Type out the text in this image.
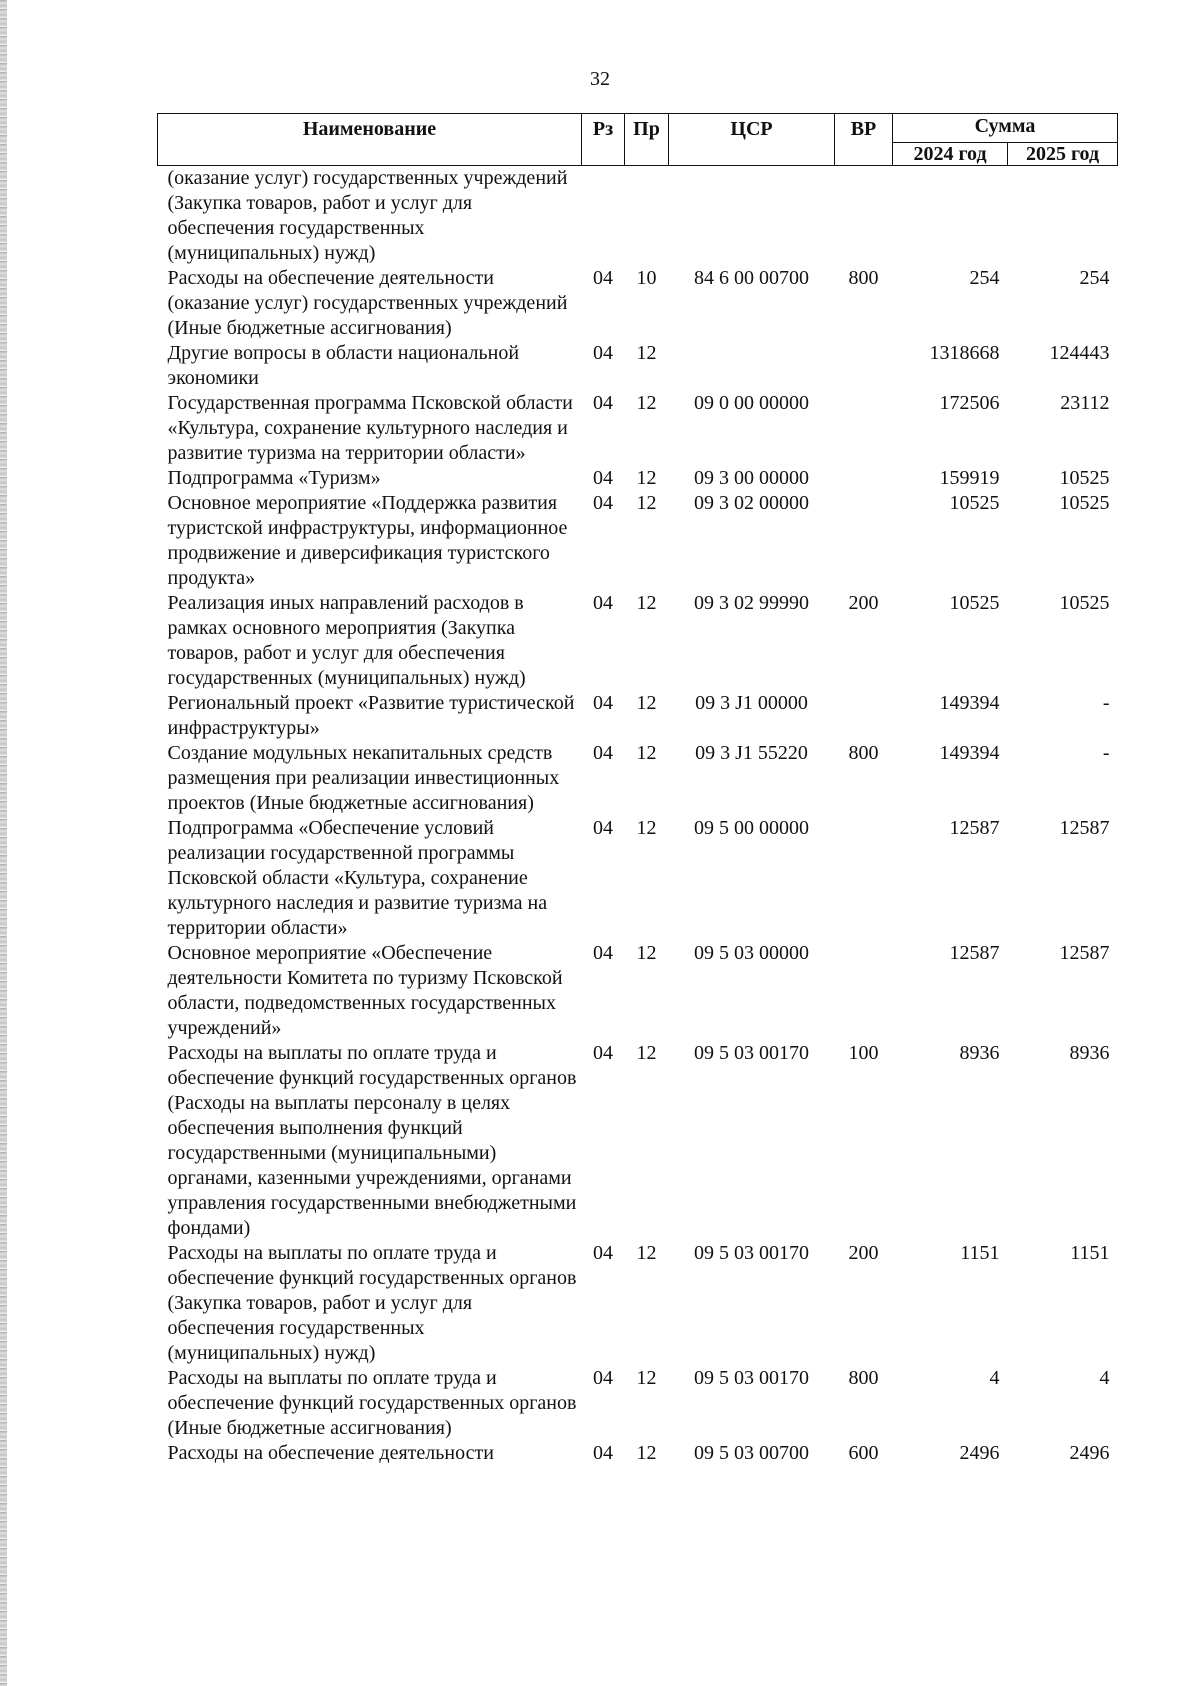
32
Наименование	Рз	Пр	ЦСР	ВР	Сумма	
					2024 год	2025 год
(оказание услуг) государственных учреждений (Закупка товаров, работ и услуг для обеспечения государственных (муниципальных) нужд)						
Расходы на обеспечение деятельности (оказание услуг) государственных учреждений (Иные бюджетные ассигнования)	04	10	84 6 00 00700	800	254	254
Другие вопросы в области национальной экономики	04	12			1318668	124443
Государственная программа Псковской области «Культура, сохранение культурного наследия и развитие туризма на территории области»	04	12	09 0 00 00000		172506	23112
Подпрограмма «Туризм»	04	12	09 3 00 00000		159919	10525
Основное мероприятие «Поддержка развития туристской инфраструктуры, информационное продвижение и диверсификация туристского продукта»	04	12	09 3 02 00000		10525	10525
Реализация иных направлений расходов в рамках основного мероприятия (Закупка товаров, работ и услуг для обеспечения государственных (муниципальных) нужд)	04	12	09 3 02 99990	200	10525	10525
Региональный проект «Развитие туристической инфраструктуры»	04	12	09 3 J1 00000		149394	-
Создание модульных некапитальных средств размещения при реализации инвестиционных проектов (Иные бюджетные ассигнования)	04	12	09 3 J1 55220	800	149394	-
Подпрограмма «Обеспечение условий реализации государственной программы Псковской области «Культура, сохранение культурного наследия и развитие туризма на территории области»	04	12	09 5 00 00000		12587	12587
Основное мероприятие «Обеспечение деятельности Комитета по туризму Псковской области, подведомственных государственных учреждений»	04	12	09 5 03 00000		12587	12587
Расходы на выплаты по оплате труда и обеспечение функций государственных органов (Расходы на выплаты персоналу в целях обеспечения выполнения функций государственными (муниципальными) органами, казенными учреждениями, органами управления государственными внебюджетными фондами)	04	12	09 5 03 00170	100	8936	8936
Расходы на выплаты по оплате труда и обеспечение функций государственных органов (Закупка товаров, работ и услуг для обеспечения государственных (муниципальных) нужд)	04	12	09 5 03 00170	200	1151	1151
Расходы на выплаты по оплате труда и обеспечение функций государственных органов (Иные бюджетные ассигнования)	04	12	09 5 03 00170	800	4	4
Расходы на обеспечение деятельности	04	12	09 5 03 00700	600	2496	2496
